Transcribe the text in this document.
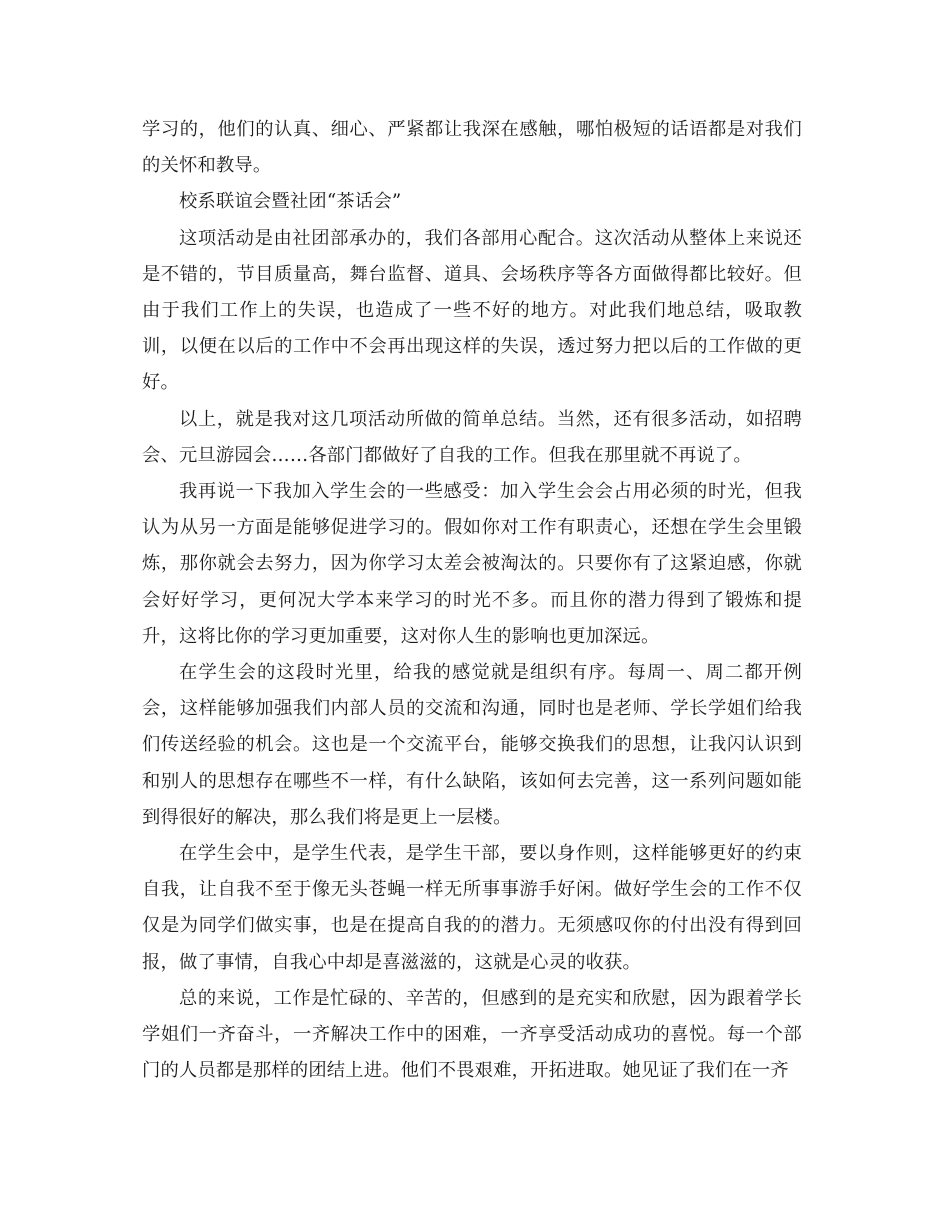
学习的，他们的认真、细心、严紧都让我深在感触，哪怕极短的话语都是对我们的关怀和教导。

校系联谊会暨社团“茶话会”

这项活动是由社团部承办的，我们各部用心配合。这次活动从整体上来说还是不错的，节目质量高，舞台监督、道具、会场秩序等各方面做得都比较好。但由于我们工作上的失误，也造成了一些不好的地方。对此我们地总结，吸取教训，以便在以后的工作中不会再出现这样的失误，透过努力把以后的工作做的更好。

以上，就是我对这几项活动所做的简单总结。当然，还有很多活动，如招聘会、元旦游园会……各部门都做好了自我的工作。但我在那里就不再说了。

我再说一下我加入学生会的一些感受：加入学生会会占用必须的时光，但我认为从另一方面是能够促进学习的。假如你对工作有职责心，还想在学生会里锻炼，那你就会去努力，因为你学习太差会被淘汰的。只要你有了这紧迫感，你就会好好学习，更何况大学本来学习的时光不多。而且你的潜力得到了锻炼和提升，这将比你的学习更加重要，这对你人生的影响也更加深远。

在学生会的这段时光里，给我的感觉就是组织有序。每周一、周二都开例会，这样能够加强我们内部人员的交流和沟通，同时也是老师、学长学姐们给我们传送经验的机会。这也是一个交流平台，能够交换我们的思想，让我闪认识到和别人的思想存在哪些不一样，有什么缺陷，该如何去完善，这一系列问题如能到得很好的解决，那么我们将是更上一层楼。

在学生会中，是学生代表，是学生干部，要以身作则，这样能够更好的约束自我，让自我不至于像无头苍蝇一样无所事事游手好闲。做好学生会的工作不仅仅是为同学们做实事，也是在提高自我的的潜力。无须感叹你的付出没有得到回报，做了事情，自我心中却是喜滋滋的，这就是心灵的收获。

总的来说，工作是忙碌的、辛苦的，但感到的是充实和欣慰，因为跟着学长学姐们一齐奋斗，一齐解决工作中的困难，一齐享受活动成功的喜悦。每一个部门的人员都是那样的团结上进。他们不畏艰难，开拓进取。她见证了我们在一齐
